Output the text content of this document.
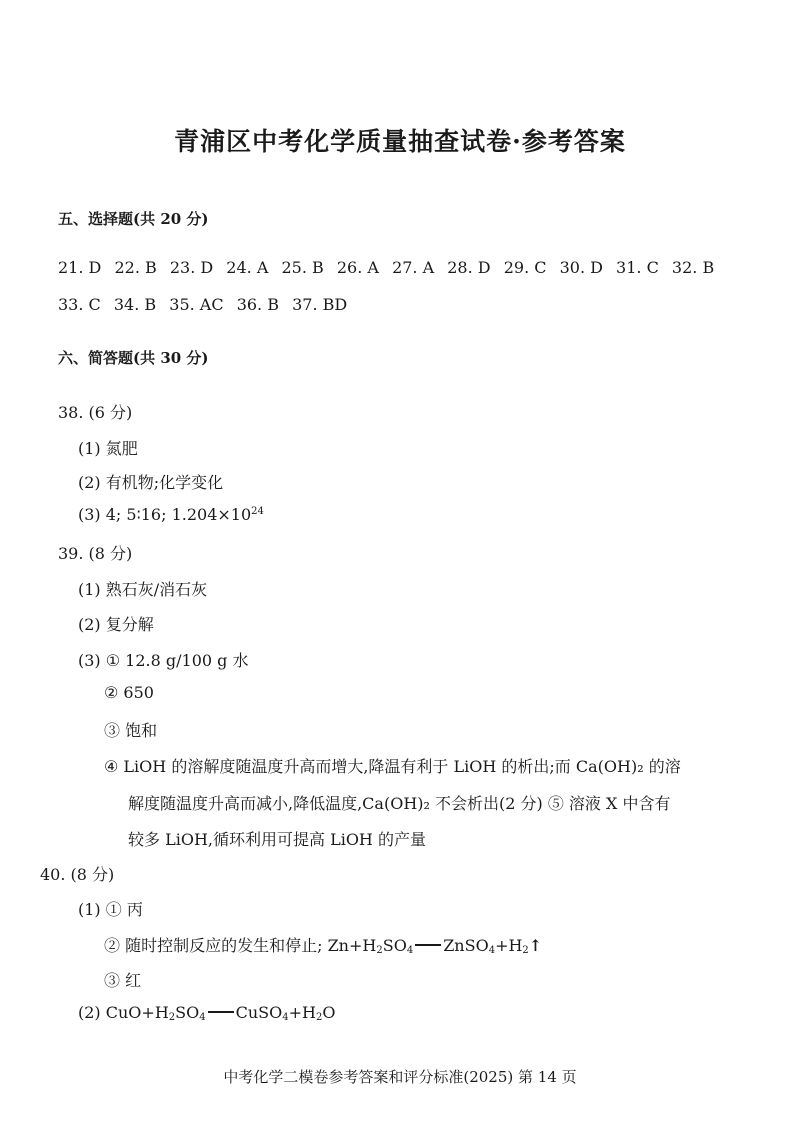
青浦区中考化学质量抽查试卷·参考答案
五、选择题(共 20 分)
21. D 22. B 23. D 24. A 25. B 26. A 27. A 28. D 29. C 30. D 31. C 32. B
33. C 34. B 35. AC 36. B 37. BD
六、简答题(共 30 分)
38. (6 分)
(1) 氮肥
(2) 有机物;化学变化
(3) 4; 5∶16; $1.204\times 10^{24}$
39. (8 分)
(1) 熟石灰/消石灰
(2) 复分解
(3) ① 12.8 g/100 g 水
② 650
③ 饱和
④ LiOH 的溶解度随温度升高而增大,降温有利于 LiOH 的析出;而 Ca(OH)₂ 的溶
解度随温度升高而减小,降低温度,Ca(OH)₂ 不会析出(2 分) ⑤ 溶液 X 中含有
较多 LiOH,循环利用可提高 LiOH 的产量
40. (8 分)
(1) ① 丙
② 随时控制反应的发生和停止; $Zn+H_2SO_4$ $ZnSO_4+H_2↑$
③ 红
(2) $CuO+H_2SO_4$ $CuSO_4+H_2O$
中考化学二模卷参考答案和评分标准(2025) 第 14 页
